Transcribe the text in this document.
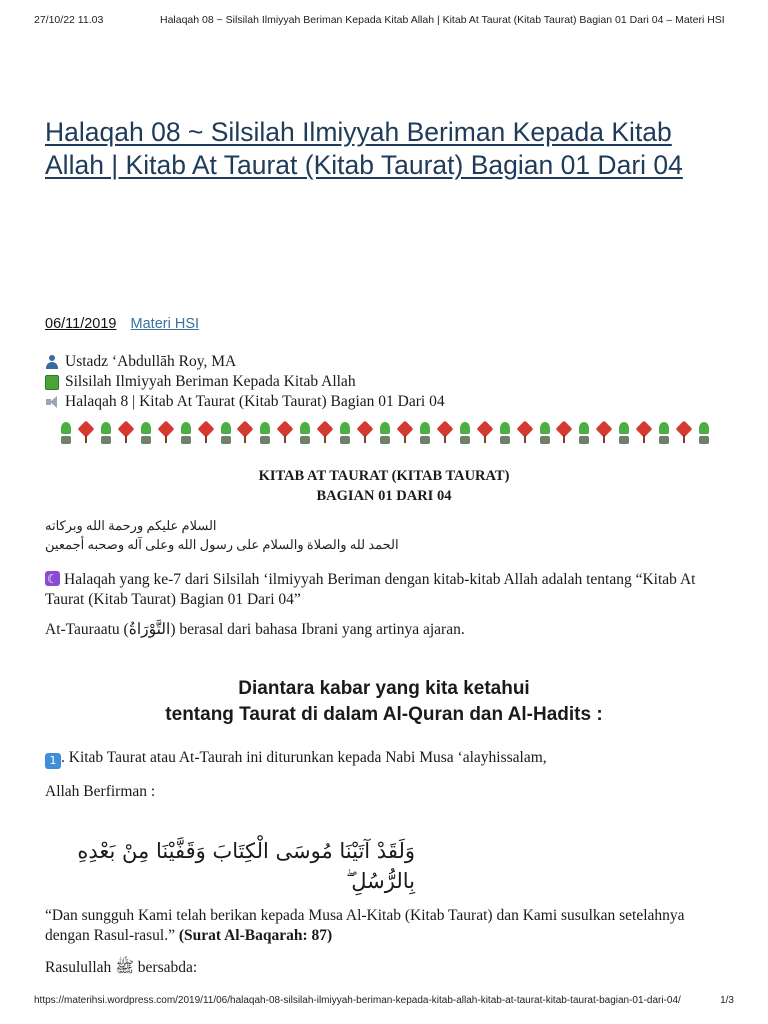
27/10/22 11.03	Halaqah 08 ~ Silsilah Ilmiyyah Beriman Kepada Kitab Allah | Kitab At Taurat (Kitab Taurat) Bagian 01 Dari 04 – Materi HSI
Halaqah 08 ~ Silsilah Ilmiyyah Beriman Kepada Kitab Allah | Kitab At Taurat (Kitab Taurat) Bagian 01 Dari 04
06/11/2019 Materi HSI
Ustadz ‘Abdullāh Roy, MA
Silsilah Ilmiyyah Beriman Kepada Kitab Allah
Halaqah 8 | Kitab At Taurat (Kitab Taurat) Bagian 01 Dari 04
KITAB AT TAURAT (KITAB TAURAT)
BAGIAN 01 DARI 04
السلام عليكم ورحمة الله وبركاته
الحمد لله والصلاة والسلام على رسول الله وعلى آله وصحبه أجمعين
☾Halaqah yang ke-7 dari Silsilah ‘ilmiyyah Beriman dengan kitab-kitab Allah adalah tentang “Kitab At Taurat (Kitab Taurat) Bagian 01 Dari 04”
At-Tauraatu (التَّوْرَاةُ) berasal dari bahasa Ibrani yang artinya ajaran.
Diantara kabar yang kita ketahui
tentang Taurat di dalam Al-Quran dan Al-Hadits :
1 . Kitab Taurat atau At-Taurah ini diturunkan kepada Nabi Musa ‘alayhissalam,
Allah Berfirman :
وَلَقَدْ آتَيْنَا مُوسَى الْكِتَابَ وَقَفَّيْنَا مِنْ بَعْدِهِ بِالرُّسُلِ ۖ
“Dan sungguh Kami telah berikan kepada Musa Al-Kitab (Kitab Taurat) dan Kami susulkan setelahnya dengan Rasul-rasul.” (Surat Al-Baqarah: 87)
Rasulullah ﷺ bersabda:
https://materihsi.wordpress.com/2019/11/06/halaqah-08-silsilah-ilmiyyah-beriman-kepada-kitab-allah-kitab-at-taurat-kitab-taurat-bagian-01-dari-04/	1/3
